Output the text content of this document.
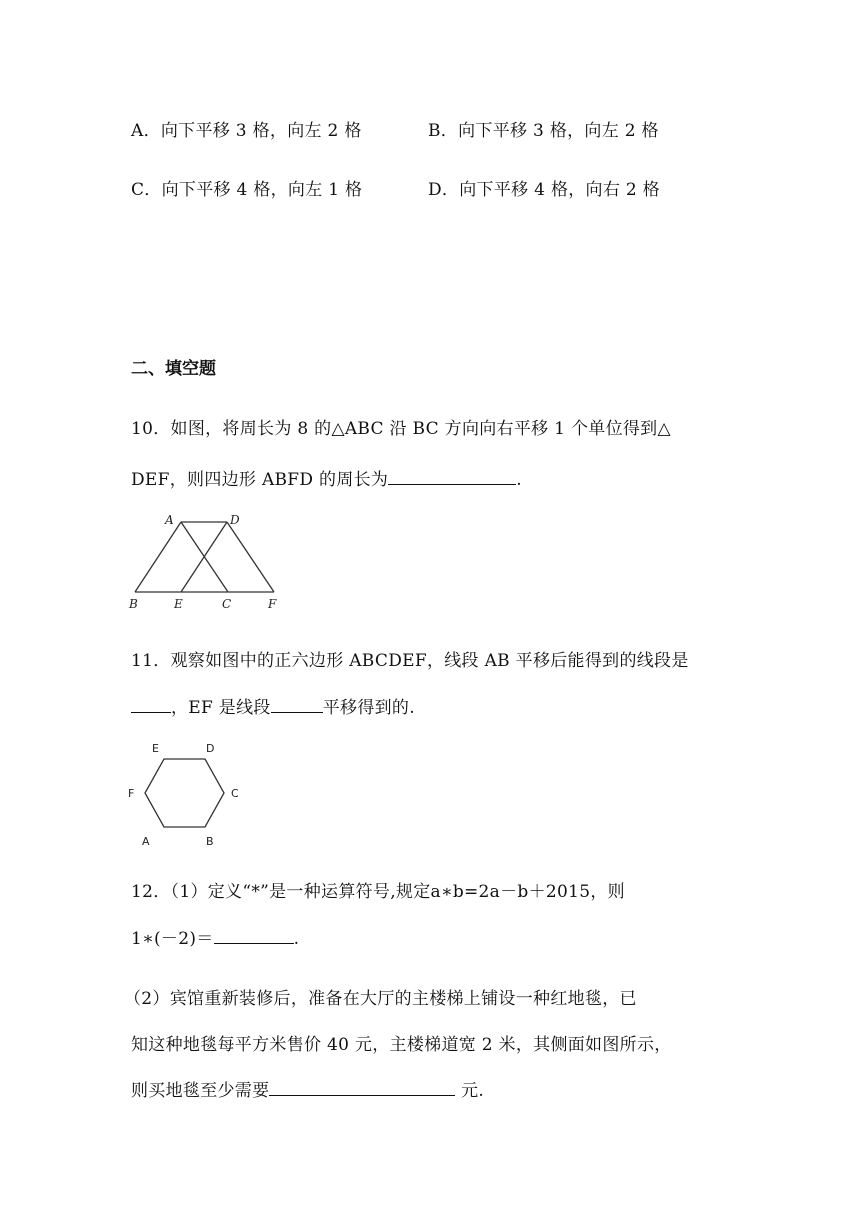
A．向下平移 3 格，向左 2 格	B．向下平移 3 格，向左 2 格
C．向下平移 4 格，向左 1 格	D．向下平移 4 格，向右 2 格
二、填空题
10．如图，将周长为 8 的△ABC 沿 BC 方向向右平移 1 个单位得到△
DEF，则四边形 ABFD 的周长为	.
A	D
B	E	C	F
11．观察如图中的正六边形 ABCDEF，线段 AB 平移后能得到的线段是
，EF 是线段	平移得到的.
E	D
F	C
A	B
12．（1）定义“*”是一种运算符号,规定a∗b=2a－b＋2015，则
1∗(－2)＝	.
（2）宾馆重新装修后，准备在大厅的主楼梯上铺设一种红地毯，已
知这种地毯每平方米售价 40 元，主楼梯道宽 2 米，其侧面如图所示，
则买地毯至少需要	元.
